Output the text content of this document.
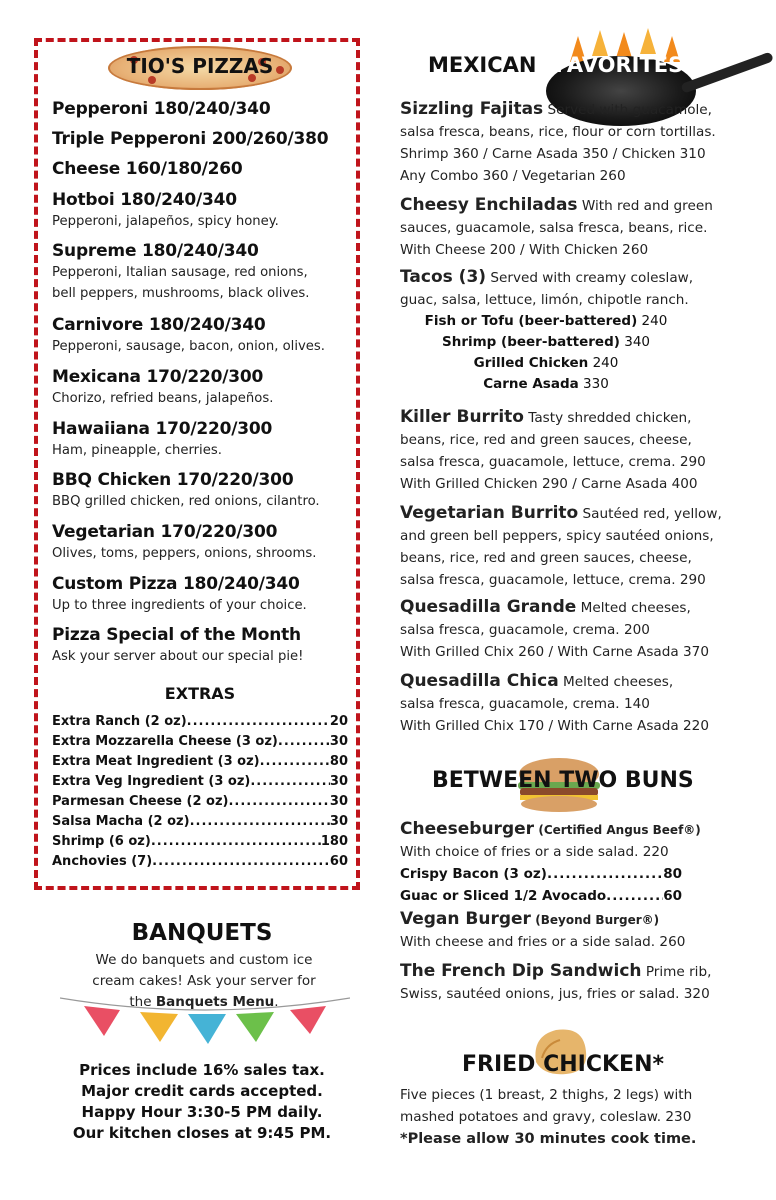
TIO'S PIZZAS
Pepperoni 180/240/340
Triple Pepperoni 200/260/380
Cheese 160/180/260
Hotboi 180/240/340
Pepperoni, jalapeños, spicy honey.
Supreme 180/240/340
Pepperoni, Italian sausage, red onions,
bell peppers, mushrooms, black olives.
Carnivore 180/240/340
Pepperoni, sausage, bacon, onion, olives.
Mexicana 170/220/300
Chorizo, refried beans, jalapeños.
Hawaiiana 170/220/300
Ham, pineapple, cherries.
BBQ Chicken 170/220/300
BBQ grilled chicken, red onions, cilantro.
Vegetarian 170/220/300
Olives, toms, peppers, onions, shrooms.
Custom Pizza 180/240/340
Up to three ingredients of your choice.
Pizza Special of the Month
Ask your server about our special pie!
EXTRAS
Extra Ranch (2 oz) .....	20
Extra Mozzarella Cheese (3 oz) .....	30
Extra Meat Ingredient (3 oz) .....	80
Extra Veg Ingredient (3 oz) .....	30
Parmesan Cheese (2 oz) .....	30
Salsa Macha (2 oz) .....	30
Shrimp (6 oz) .....	180
Anchovies (7) .....	60
BANQUETS
We do banquets and custom ice
cream cakes! Ask your server for
the Banquets Menu.
Prices include 16% sales tax.
Major credit cards accepted.
Happy Hour 3:30-5 PM daily.
Our kitchen closes at 9:45 PM.
MEXICAN FAVORITES
Sizzling Fajitas Served with guacamole,
salsa fresca, beans, rice, flour or corn tortillas.
Shrimp 360 / Carne Asada 350 / Chicken 310
Any Combo 360 / Vegetarian 260
Cheesy Enchiladas With red and green
sauces, guacamole, salsa fresca, beans, rice.
With Cheese 200 / With Chicken 260
Tacos (3) Served with creamy coleslaw,
guac, salsa, lettuce, limón, chipotle ranch.
Fish or Tofu (beer-battered) 240
Shrimp (beer-battered) 340
Grilled Chicken 240
Carne Asada 330
Killer Burrito Tasty shredded chicken,
beans, rice, red and green sauces, cheese,
salsa fresca, guacamole, lettuce, crema. 290
With Grilled Chicken 290 / Carne Asada 400
Vegetarian Burrito Sautéed red, yellow,
and green bell peppers, spicy sautéed onions,
beans, rice, red and green sauces, cheese,
salsa fresca, guacamole, lettuce, crema. 290
Quesadilla Grande Melted cheeses,
salsa fresca, guacamole, crema. 200
With Grilled Chix 260 / With Carne Asada 370
Quesadilla Chica Melted cheeses,
salsa fresca, guacamole, crema. 140
With Grilled Chix 170 / With Carne Asada 220
BETWEEN TWO BUNS
Cheeseburger (Certified Angus Beef®)
With choice of fries or a side salad. 220
Crispy Bacon (3 oz) .....	80
Guac or Sliced 1/2 Avocado .....	60
Vegan Burger (Beyond Burger®)
With cheese and fries or a side salad. 260
The French Dip Sandwich Prime rib,
Swiss, sautéed onions, jus, fries or salad. 320
FRIED CHICKEN*
Five pieces (1 breast, 2 thighs, 2 legs) with
mashed potatoes and gravy, coleslaw. 230
*Please allow 30 minutes cook time.
